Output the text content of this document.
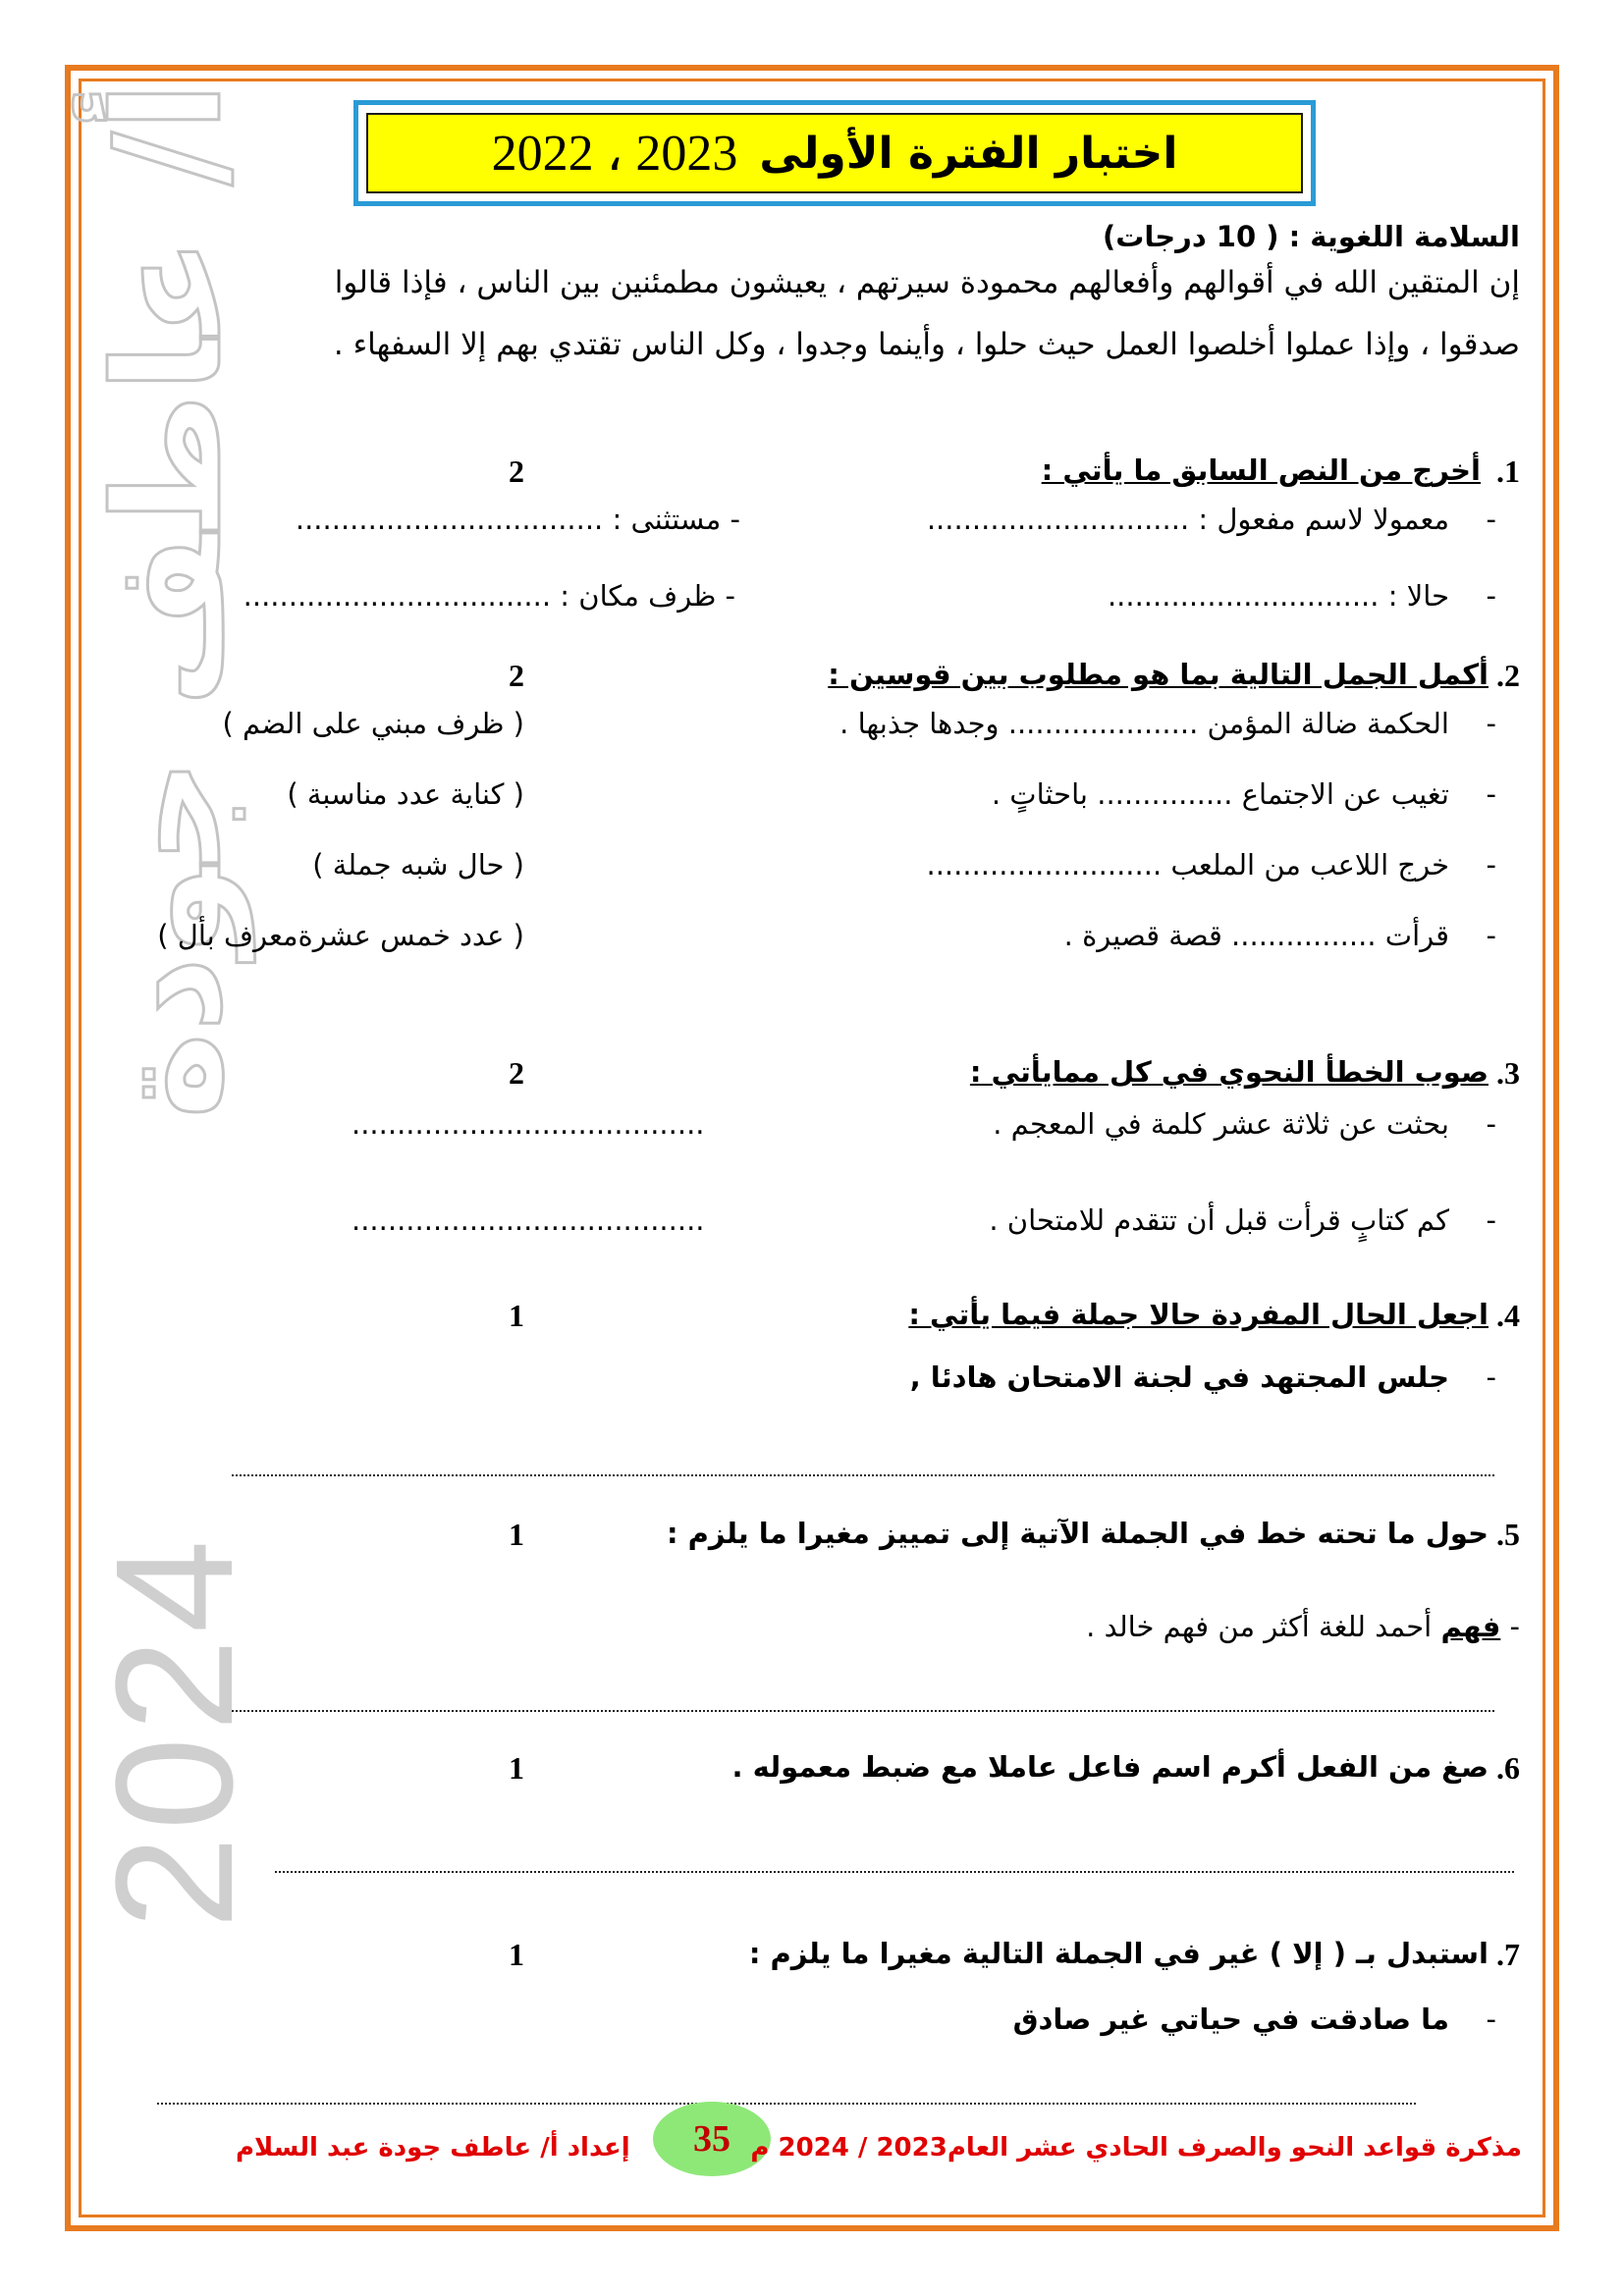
أ/ عاطف جودة
2024
اختبار الفترة الأولى
2022 ، 2023
السلامة اللغوية : ( 10 درجات)
إن المتقين الله في أقوالهم وأفعالهم محمودة سيرتهم ، يعيشون مطمئنين بين الناس ، فإذا قالوا
صدقوا ، وإذا عملوا أخلصوا العمل حيث حلوا ، وأينما وجدوا ، وكل الناس تقتدي بهم إلا السفهاء .
1.
أخرج من النص السابق ما يأتي :
2
-
معمولا لاسم مفعول : .............................
- مستثنى : ..................................
-
حالا : ..............................
- ظرف مكان : ..................................
2.
أكمل الجمل التالية بما هو مطلوب بين قوسين :
2
-
الحكمة ضالة المؤمن ..................... وجدها جذبها .
( ظرف مبني على الضم )
-
تغيب عن الاجتماع ............... باحثاتٍ .
( كناية عدد مناسبة )
-
خرج اللاعب من الملعب ..........................
( حال شبه جملة )
-
قرأت ................ قصة قصيرة .
( عدد خمس عشرةمعرف بأل )
3.
صوب الخطأ النحوي في كل ممايأتي :
2
-
بحثت عن ثلاثة عشر كلمة في المعجم .
.......................................
-
كم كتابٍ قرأت قبل أن تتقدم للامتحان .
.......................................
4.
اجعل الحال المفردة حالا جملة فيما يأتي :
1
-
جلس المجتهد في لجنة الامتحان هادئا ,
5.
حول ما تحته خط في الجملة الآتية إلى تمييز مغيرا ما يلزم :
1
- فهم أحمد للغة أكثر من فهم خالد .
6.
صغ من الفعل أكرم اسم فاعل عاملا مع ضبط معموله .
1
7.
استبدل بـ ( إلا ) غير في الجملة التالية مغيرا ما يلزم :
1
-
ما صادقت في حياتي غير صادق
إعداد أ/ عاطف جودة عبد السلام	35 مذكرة قواعد النحو والصرف الحادي عشر العام2023 / 2024 م
